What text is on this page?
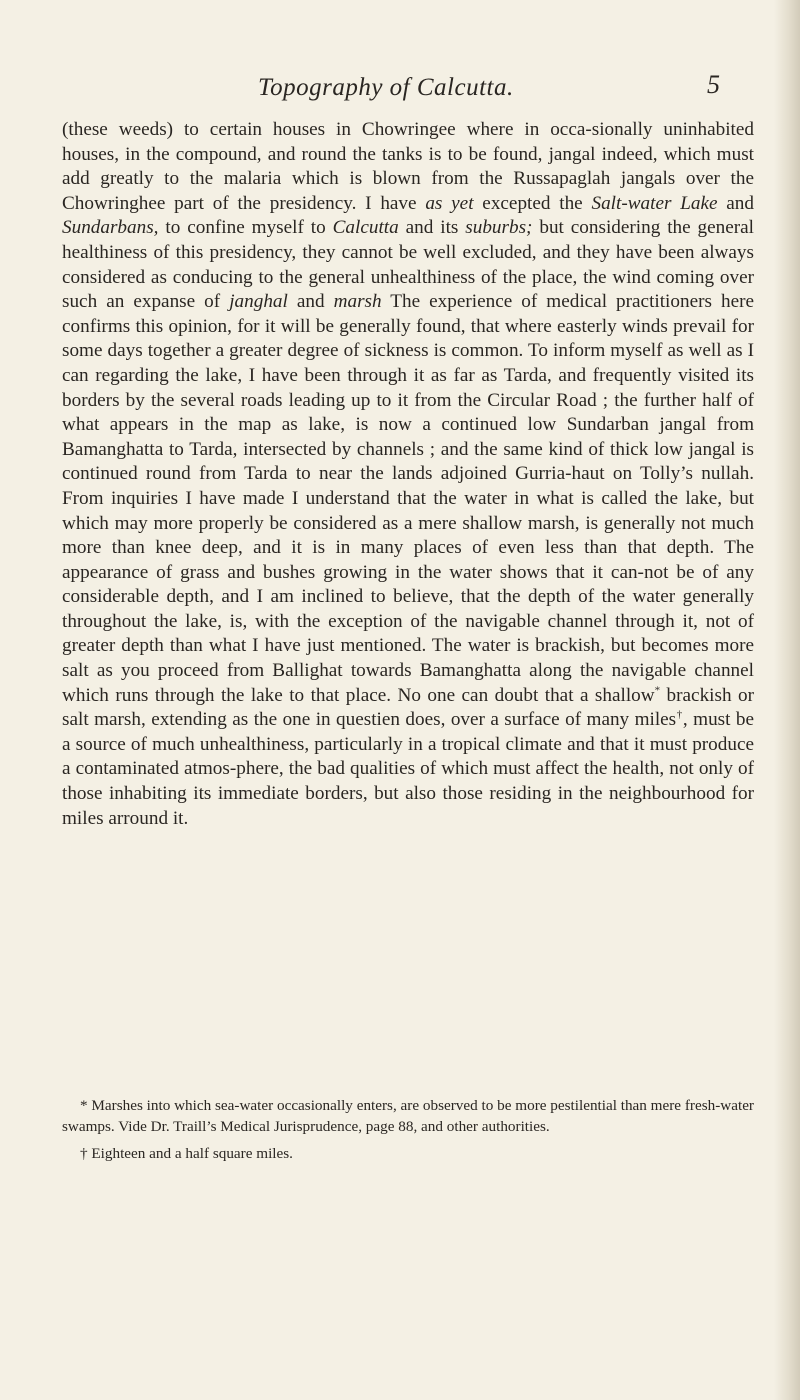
Topography of Calcutta.	5

(these weeds) to certain houses in Chowringee where in occa-sionally uninhabited houses, in the compound, and round the tanks is to be found, jangal indeed, which must add greatly to the malaria which is blown from the Russapaglah jangals over the Chowringhee part of the presidency. I have as yet excepted the Salt-water Lake and Sundarbans, to confine myself to Calcutta and its suburbs; but considering the general healthiness of this presidency, they cannot be well excluded, and they have been always considered as conducing to the general unhealthiness of the place, the wind coming over such an expanse of janghal and marsh The experience of medical practitioners here confirms this opinion, for it will be generally found, that where easterly winds prevail for some days together a greater degree of sickness is common. To inform myself as well as I can regarding the lake, I have been through it as far as Tarda, and frequently visited its borders by the several roads leading up to it from the Circular Road ; the further half of what appears in the map as lake, is now a continued low Sundarban jangal from Bamanghatta to Tarda, intersected by channels ; and the same kind of thick low jangal is continued round from Tarda to near the lands adjoined Gurria-haut on Tolly’s nullah. From inquiries I have made I understand that the water in what is called the lake, but which may more properly be considered as a mere shallow marsh, is generally not much more than knee deep, and it is in many places of even less than that depth. The appearance of grass and bushes growing in the water shows that it can-not be of any considerable depth, and I am inclined to believe, that the depth of the water generally throughout the lake, is, with the exception of the navigable channel through it, not of greater depth than what I have just mentioned. The water is brackish, but becomes more salt as you proceed from Ballighat towards Bamanghatta along the navigable channel which runs through the lake to that place. No one can doubt that a shallow* brackish or salt marsh, extending as the one in questien does, over a surface of many miles†, must be a source of much unhealthiness, particularly in a tropical climate and that it must produce a contaminated atmos-phere, the bad qualities of which must affect the health, not only of those inhabiting its immediate borders, but also those residing in the neighbourhood for miles arround it.

* Marshes into which sea-water occasionally enters, are observed to be more pestilential than mere fresh-water swamps. Vide Dr. Traill’s Medical Jurisprudence, page 88, and other authorities.

† Eighteen and a half square miles.
